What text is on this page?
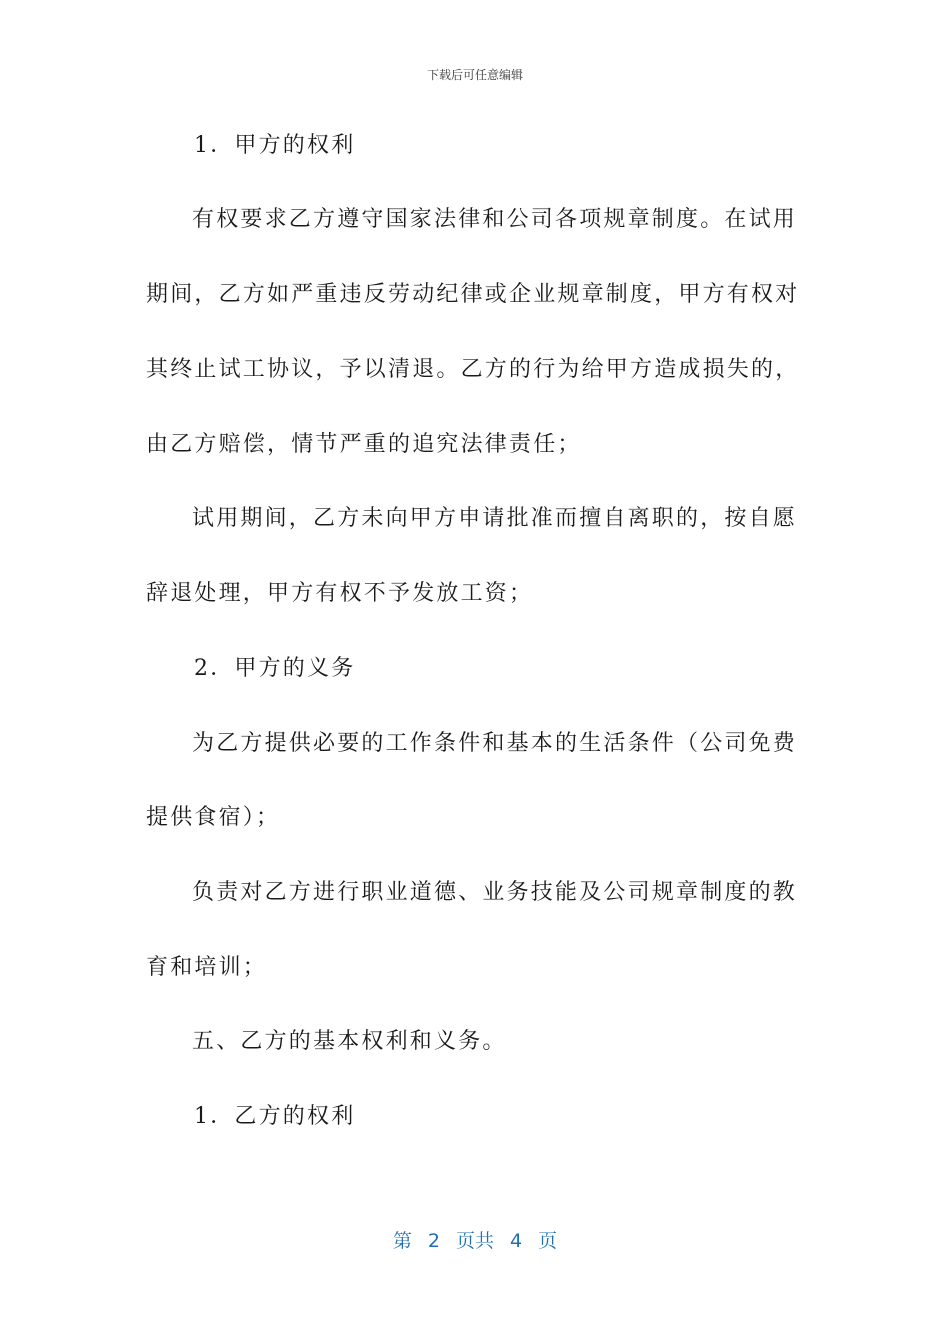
下载后可任意编辑
1．甲方的权利
有权要求乙方遵守国家法律和公司各项规章制度。在试用
期间，乙方如严重违反劳动纪律或企业规章制度，甲方有权对
其终止试工协议，予以清退。乙方的行为给甲方造成损失的，
由乙方赔偿，情节严重的追究法律责任；
试用期间，乙方未向甲方申请批准而擅自离职的，按自愿
辞退处理，甲方有权不予发放工资；
2．甲方的义务
为乙方提供必要的工作条件和基本的生活条件（公司免费
提供食宿）；
负责对乙方进行职业道德、业务技能及公司规章制度的教
育和培训；
五、乙方的基本权利和义务。
1．乙方的权利
第 2 页共 4 页
